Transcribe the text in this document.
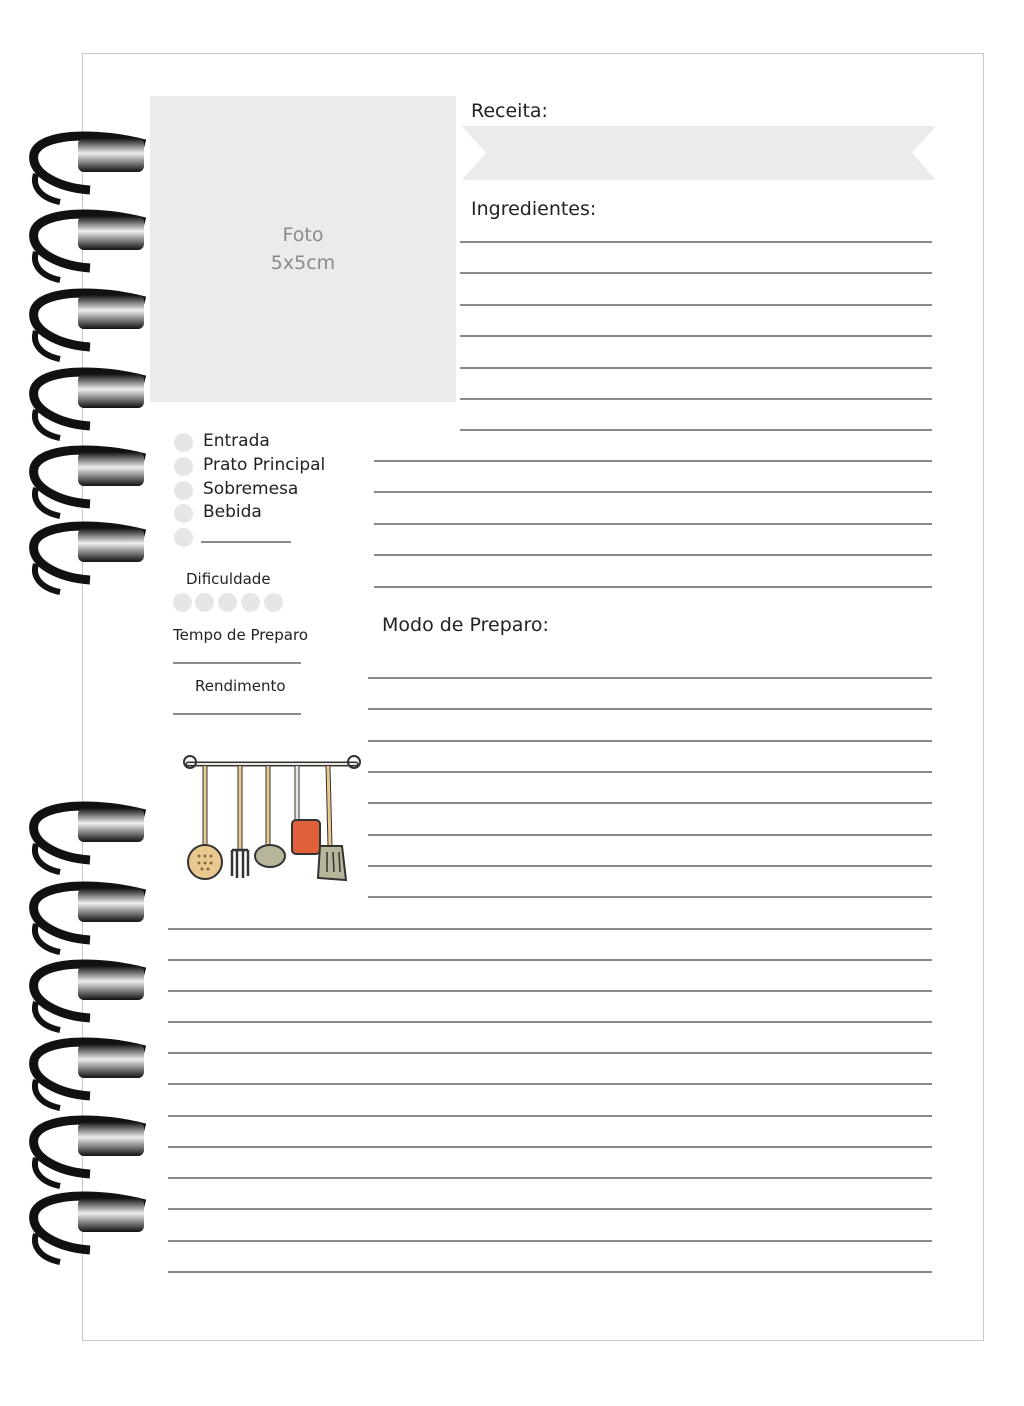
Foto
5x5cm
Receita:
Ingredientes:
Entrada
Prato Principal
Sobremesa
Bebida
Dificuldade
Tempo de Preparo
Rendimento
Modo de Preparo:
